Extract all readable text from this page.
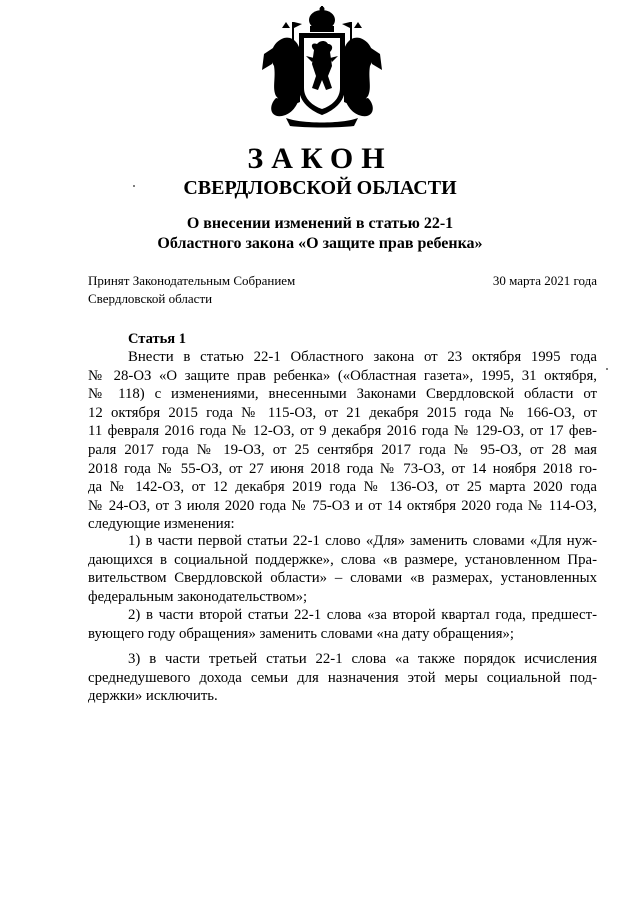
ЗАКОН
СВЕРДЛОВСКОЙ ОБЛАСТИ
О внесении изменений в статью 22-1
Областного закона «О защите прав ребенка»
Принят Законодательным Собранием
Свердловской области
30 марта 2021 года
Статья 1
Внести в статью 22-1 Областного закона от 23 октября 1995 года
№ 28-ОЗ «О защите прав ребенка» («Областная газета», 1995, 31 октября,
№ 118) с изменениями, внесенными Законами Свердловской области от
12 октября 2015 года № 115-ОЗ, от 21 декабря 2015 года № 166-ОЗ, от
11 февраля 2016 года № 12-ОЗ, от 9 декабря 2016 года № 129-ОЗ, от 17 фев-
раля 2017 года № 19-ОЗ, от 25 сентября 2017 года № 95-ОЗ, от 28 мая
2018 года № 55-ОЗ, от 27 июня 2018 года № 73-ОЗ, от 14 ноября 2018 го-
да № 142-ОЗ, от 12 декабря 2019 года № 136-ОЗ, от 25 марта 2020 года
№ 24-ОЗ, от 3 июля 2020 года № 75-ОЗ и от 14 октября 2020 года № 114-ОЗ,
следующие изменения:
1) в части первой статьи 22-1 слово «Для» заменить словами «Для нуж-
дающихся в социальной поддержке», слова «в размере, установленном Пра-
вительством Свердловской области» – словами «в размерах, установленных
федеральным законодательством»;
2) в части второй статьи 22-1 слова «за второй квартал года, предшест-
вующего году обращения» заменить словами «на дату обращения»;
3) в части третьей статьи 22-1 слова «а также порядок исчисления
среднедушевого дохода семьи для назначения этой меры социальной под-
держки» исключить.
